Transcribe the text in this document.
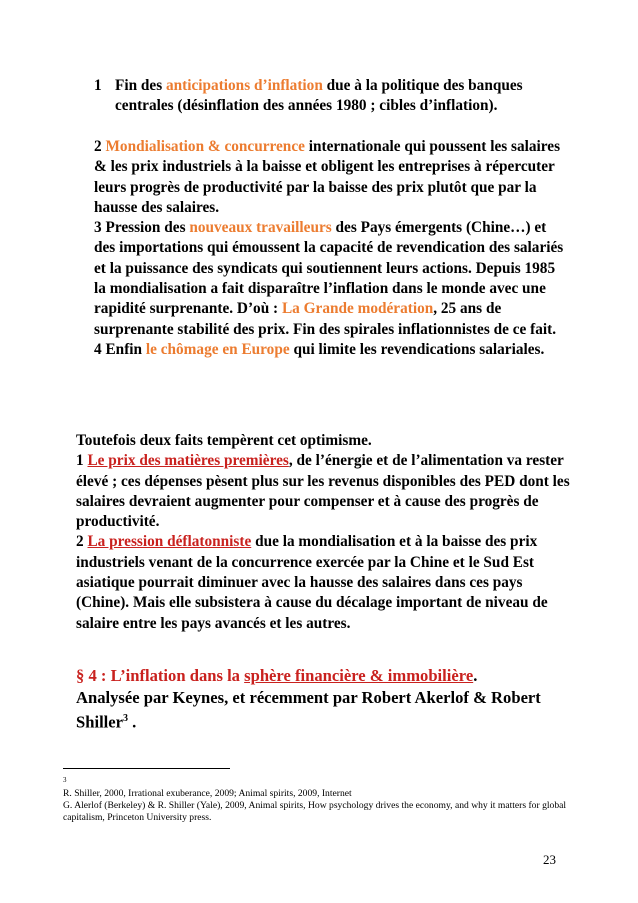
1 Fin des anticipations d’inflation due à la politique des banques centrales (désinflation des années 1980 ; cibles d’inflation).

2 Mondialisation & concurrence internationale qui poussent les salaires & les prix industriels à la baisse et obligent les entreprises à répercuter leurs progrès de productivité par la baisse des prix plutôt que par la hausse des salaires.

3 Pression des nouveaux travailleurs des Pays émergents (Chine…) et des importations qui émoussent la capacité de revendication des salariés et la puissance des syndicats qui soutiennent leurs actions. Depuis 1985 la mondialisation a fait disparaître l’inflation dans le monde avec une rapidité surprenante. D’où : La Grande modération, 25 ans de surprenante stabilité des prix. Fin des spirales inflationnistes de ce fait.

4 Enfin le chômage en Europe qui limite les revendications salariales.

Toutefois deux faits tempèrent cet optimisme.

1 Le prix des matières premières, de l’énergie et de l’alimentation va rester élevé ; ces dépenses pèsent plus sur les revenus disponibles des PED dont les salaires devraient augmenter pour compenser et à cause des progrès de productivité.

2 La pression déflatonniste due la mondialisation et à la baisse des prix industriels venant de la concurrence exercée par la Chine et le Sud Est asiatique pourrait diminuer avec la hausse des salaires dans ces pays (Chine). Mais elle subsistera à cause du décalage important de niveau de salaire entre les pays avancés et les autres.

§ 4 : L’inflation dans la sphère financière & immobilière.
Analysée par Keynes, et récemment par Robert Akerlof & Robert Shiller$^3$ .
3
R. Shiller, 2000, Irrational exuberance, 2009; Animal spirits, 2009, Internet
G. Alerlof (Berkeley) & R. Shiller (Yale), 2009, Animal spirits, How psychology drives the economy, and why it matters for global capitalism, Princeton University press.
23
